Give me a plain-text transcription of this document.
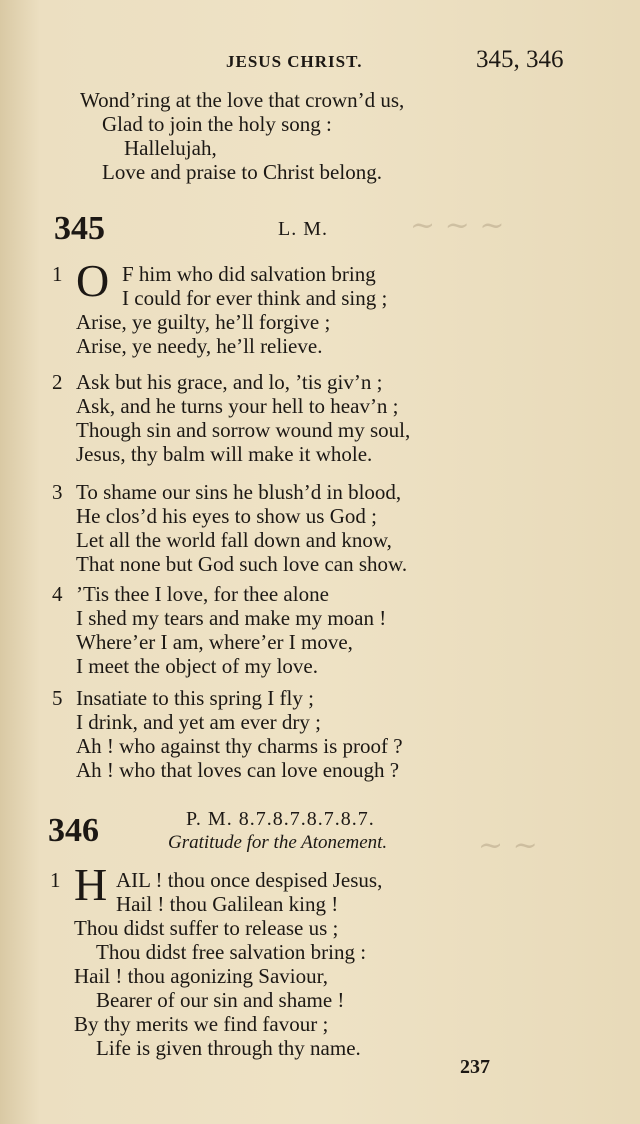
JESUS CHRIST.	345, 346
Wond’ring at the love that crown’d us,
Glad to join the holy song :
Hallelujah,
Love and praise to Christ belong.
345	L. M.	~ ~ ~
1 O F him who did salvation bring
I could for ever think and sing ;
Arise, ye guilty, he’ll forgive ;
Arise, ye needy, he’ll relieve.
2 Ask but his grace, and lo, ’tis giv’n ;
Ask, and he turns your hell to heav’n ;
Though sin and sorrow wound my soul,
Jesus, thy balm will make it whole.
3 To shame our sins he blush’d in blood,
He clos’d his eyes to show us God ;
Let all the world fall down and know,
That none but God such love can show.
4 ’Tis thee I love, for thee alone
I shed my tears and make my moan !
Where’er I am, where’er I move,
I meet the object of my love.
5 Insatiate to this spring I fly ;
I drink, and yet am ever dry ;
Ah ! who against thy charms is proof ?
Ah ! who that loves can love enough ?
P. M. 8.7.8.7.8.7.8.7.
346	Gratitude for the Atonement.	~ ~
1 H AIL ! thou once despised Jesus,
Hail ! thou Galilean king !
Thou didst suffer to release us ;
Thou didst free salvation bring :
Hail ! thou agonizing Saviour,
Bearer of our sin and shame !
By thy merits we find favour ;
Life is given through thy name.
237
